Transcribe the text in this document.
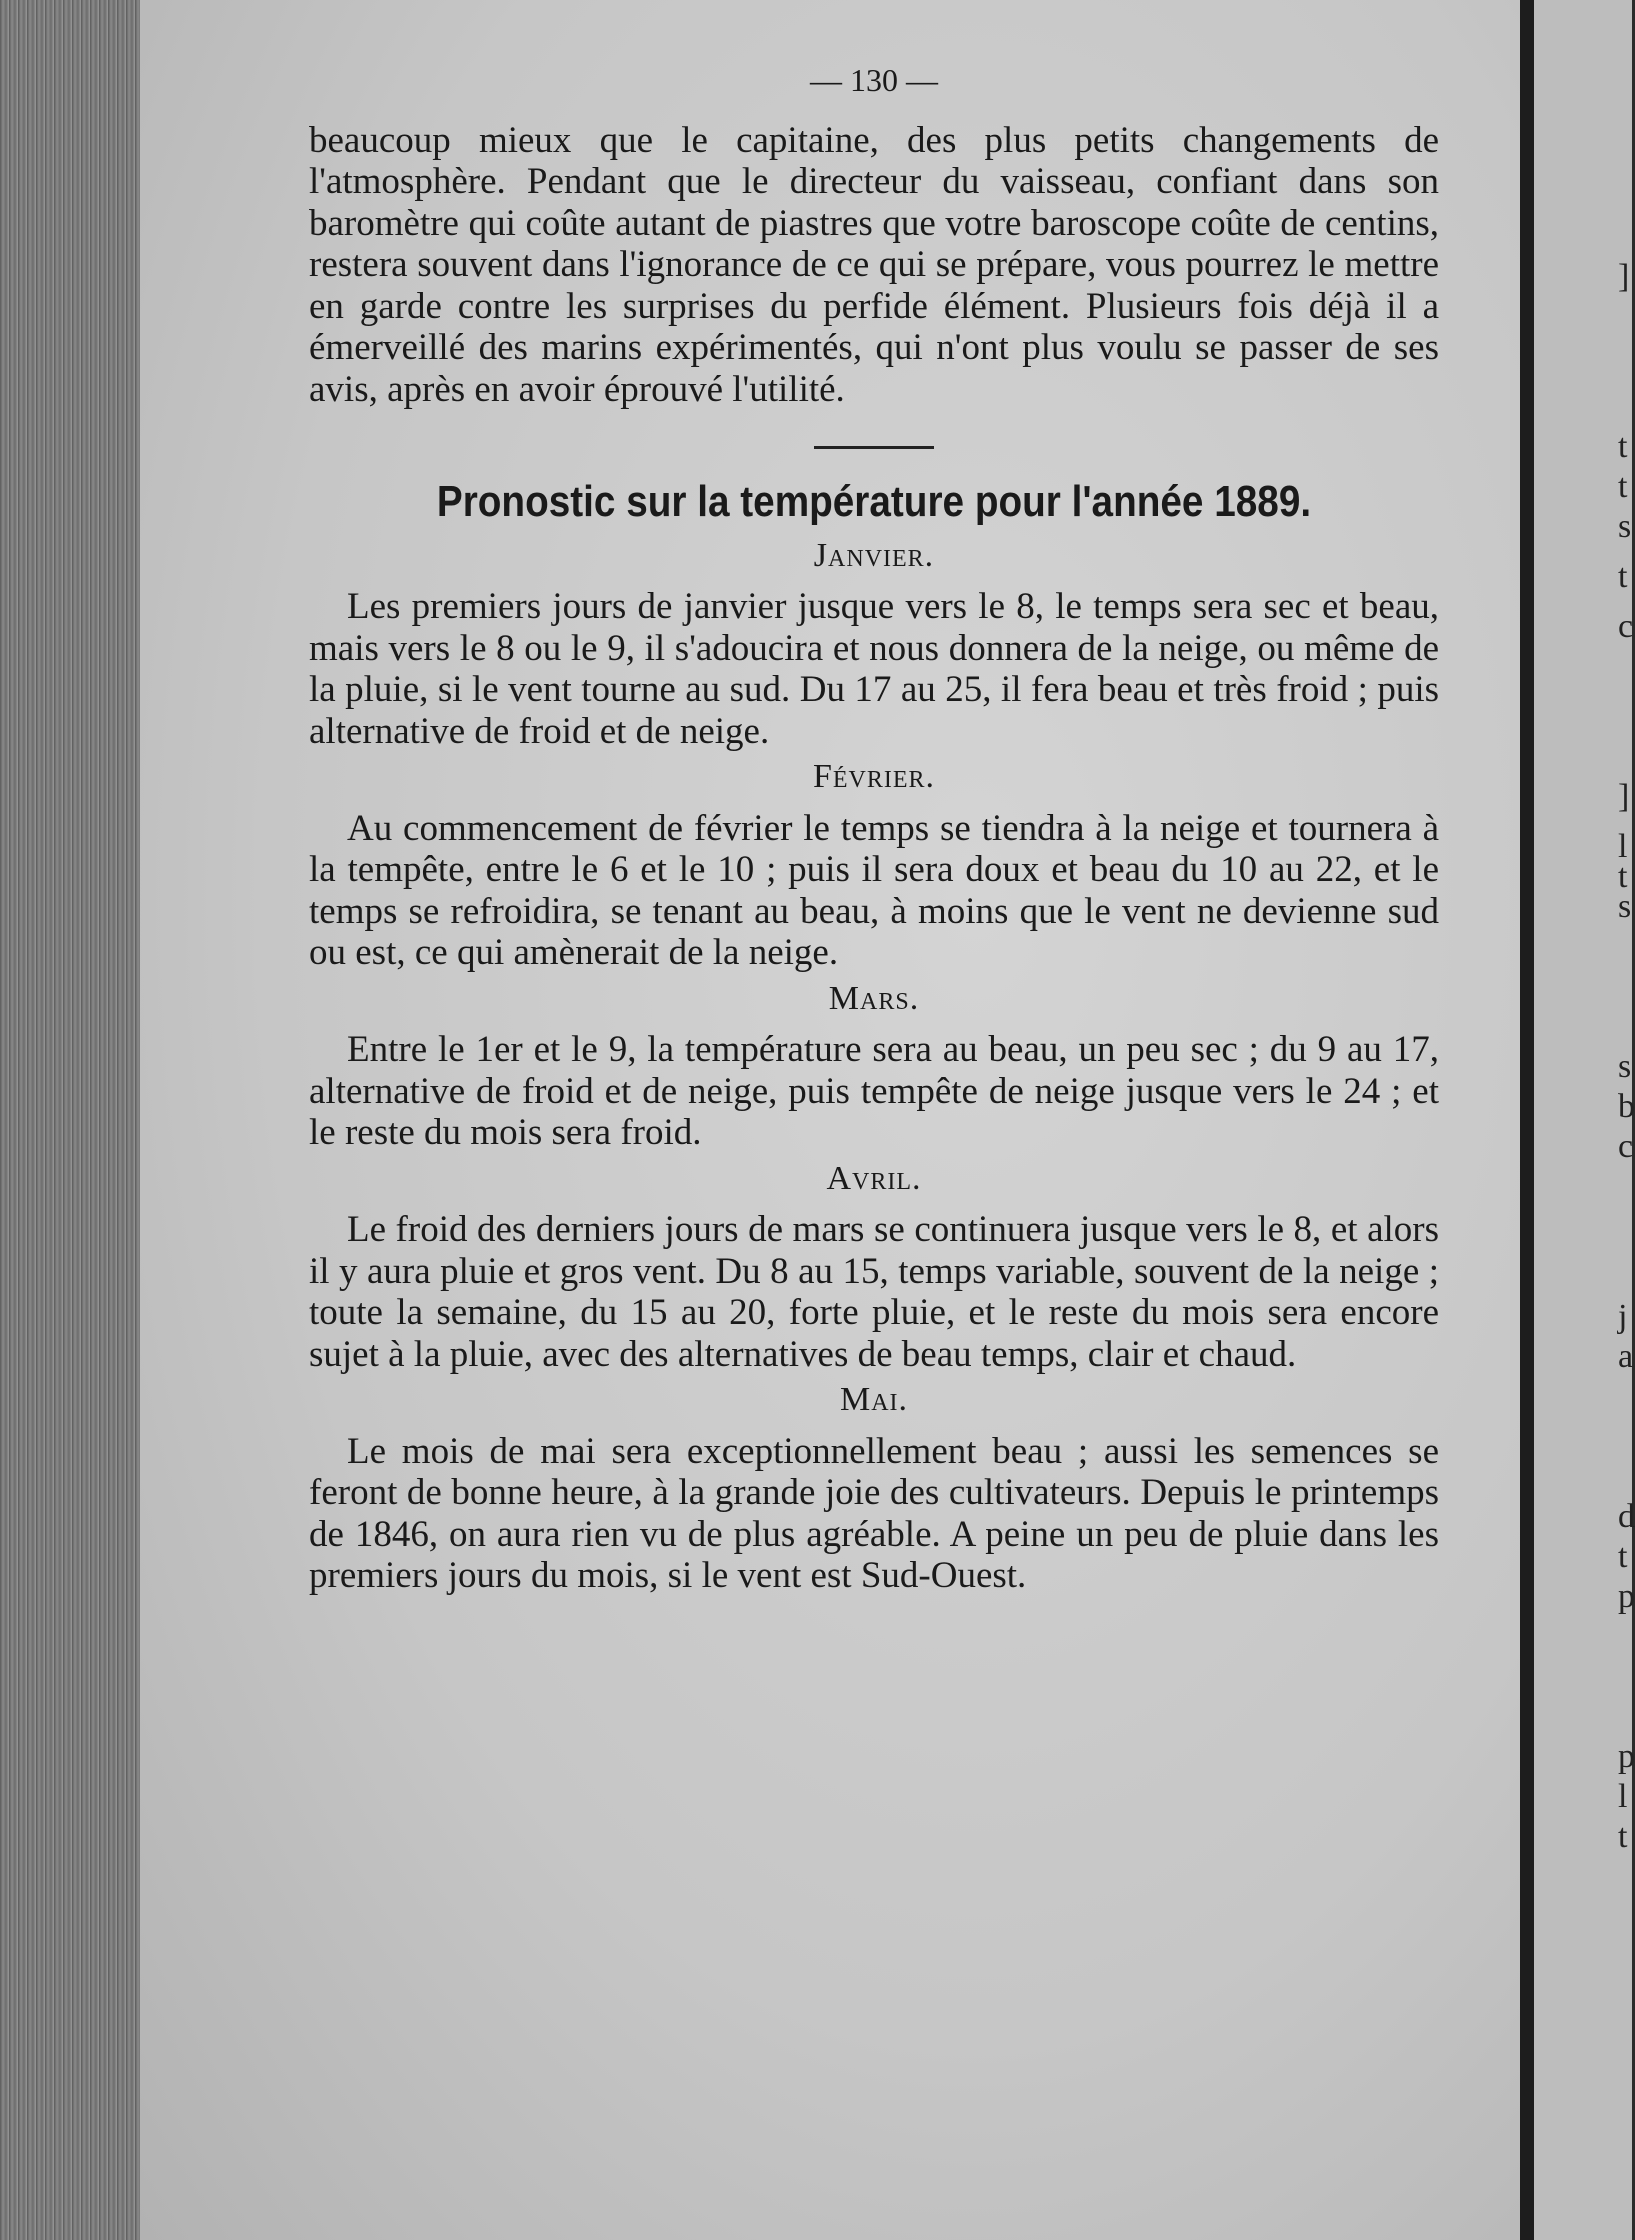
]
t
t
s
t
c
]
l
t
s
s
b
c
j
a
d
t
p
p
l
t
— 130 —

beaucoup mieux que le capitaine, des plus petits changements de l'atmosphère. Pendant que le directeur du vaisseau, confiant dans son baromètre qui coûte autant de piastres que votre baroscope coûte de centins, restera souvent dans l'ignorance de ce qui se prépare, vous pourrez le mettre en garde contre les surprises du perfide élément. Plusieurs fois déjà il a émerveillé des marins expérimentés, qui n'ont plus voulu se passer de ses avis, après en avoir éprouvé l'utilité.

Pronostic sur la température pour l'année 1889.
Janvier.

Les premiers jours de janvier jusque vers le 8, le temps sera sec et beau, mais vers le 8 ou le 9, il s'adoucira et nous donnera de la neige, ou même de la pluie, si le vent tourne au sud. Du 17 au 25, il fera beau et très froid ; puis alternative de froid et de neige.

Février.

Au commencement de février le temps se tiendra à la neige et tournera à la tempête, entre le 6 et le 10 ; puis il sera doux et beau du 10 au 22, et le temps se refroidira, se tenant au beau, à moins que le vent ne devienne sud ou est, ce qui amènerait de la neige.

Mars.

Entre le 1er et le 9, la température sera au beau, un peu sec ; du 9 au 17, alternative de froid et de neige, puis tempête de neige jusque vers le 24 ; et le reste du mois sera froid.

Avril.

Le froid des derniers jours de mars se continuera jusque vers le 8, et alors il y aura pluie et gros vent. Du 8 au 15, temps variable, souvent de la neige ; toute la semaine, du 15 au 20, forte pluie, et le reste du mois sera encore sujet à la pluie, avec des alternatives de beau temps, clair et chaud.

Mai.

Le mois de mai sera exceptionnellement beau ; aussi les semences se feront de bonne heure, à la grande joie des cultivateurs. Depuis le printemps de 1846, on aura rien vu de plus agréable. A peine un peu de pluie dans les premiers jours du mois, si le vent est Sud-Ouest.
